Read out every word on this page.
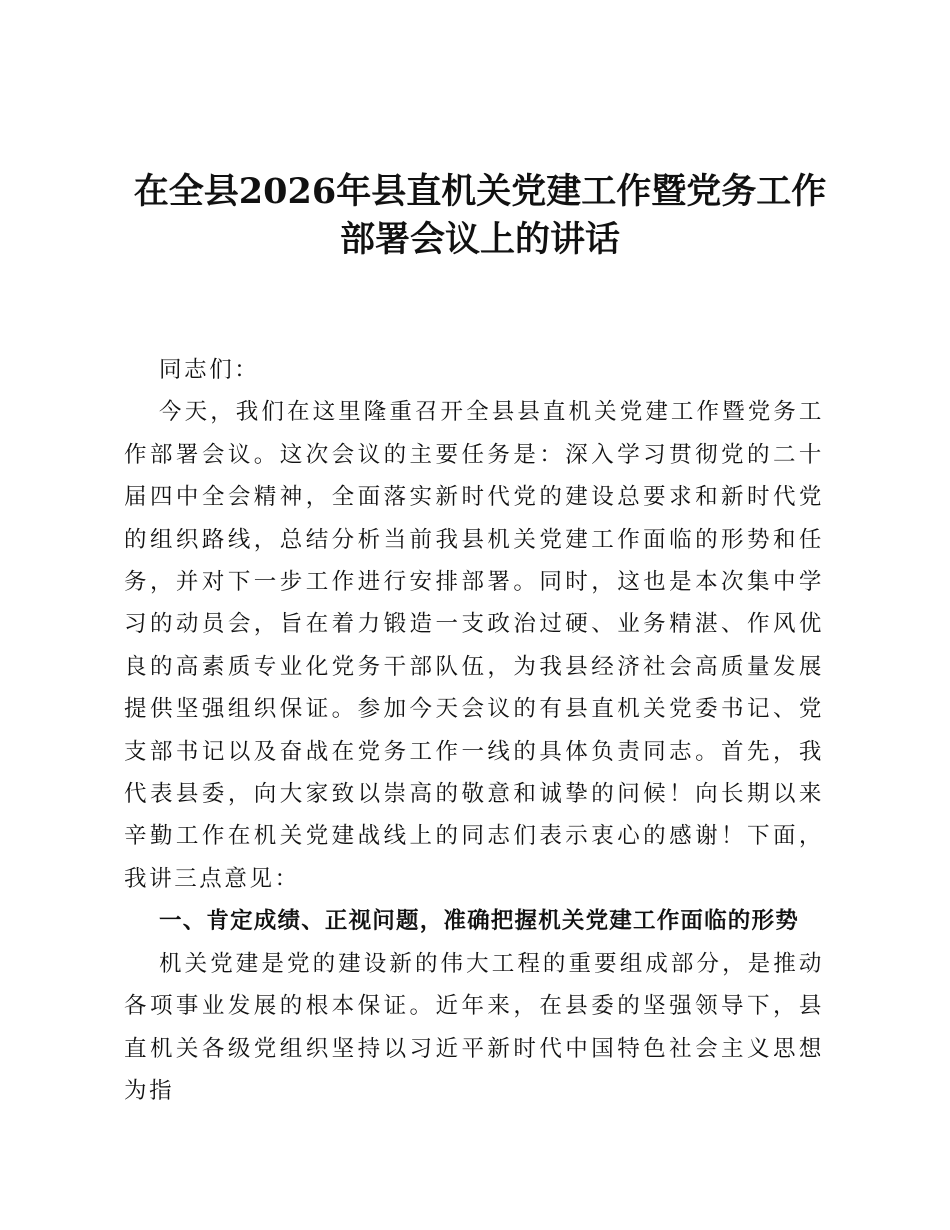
在全县2026年县直机关党建工作暨党务工作部署会议上的讲话

同志们：

今天，我们在这里隆重召开全县县直机关党建工作暨党务工作部署会议。这次会议的主要任务是：深入学习贯彻党的二十届四中全会精神，全面落实新时代党的建设总要求和新时代党的组织路线，总结分析当前我县机关党建工作面临的形势和任务，并对下一步工作进行安排部署。同时，这也是本次集中学习的动员会，旨在着力锻造一支政治过硬、业务精湛、作风优良的高素质专业化党务干部队伍，为我县经济社会高质量发展提供坚强组织保证。参加今天会议的有县直机关党委书记、党支部书记以及奋战在党务工作一线的具体负责同志。首先，我代表县委，向大家致以崇高的敬意和诚挚的问候！向长期以来辛勤工作在机关党建战线上的同志们表示衷心的感谢！下面，我讲三点意见：

一、肯定成绩、正视问题，准确把握机关党建工作面临的形势

机关党建是党的建设新的伟大工程的重要组成部分，是推动各项事业发展的根本保证。近年来，在县委的坚强领导下，县直机关各级党组织坚持以习近平新时代中国特色社会主义思想为指
